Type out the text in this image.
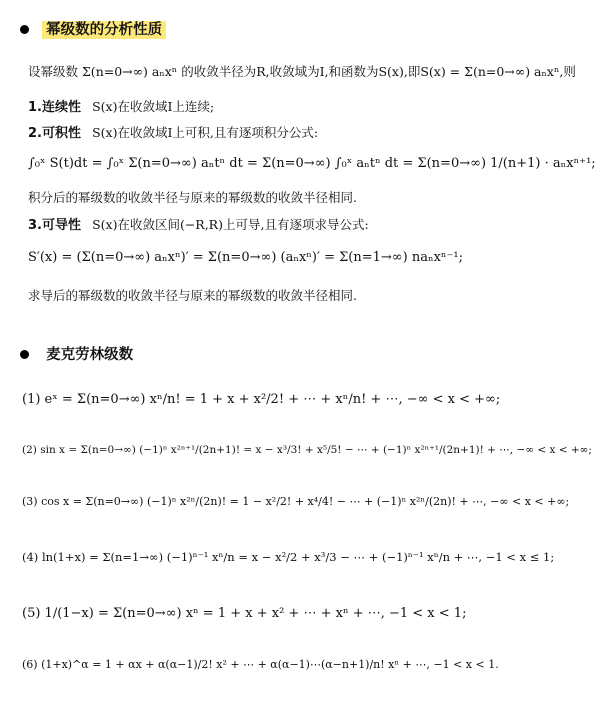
幂级数的分析性质
设幂级数 Σ(n=0→∞) aₙxⁿ 的收敛半径为R,收敛域为I,和函数为S(x),即S(x) = Σ(n=0→∞) aₙxⁿ,则
1.连续性 S(x)在收敛域I上连续;
2.可积性 S(x)在收敛域I上可积,且有逐项积分公式:
∫₀ˣ S(t)dt = ∫₀ˣ Σ(n=0→∞) aₙtⁿ dt = Σ(n=0→∞) ∫₀ˣ aₙtⁿ dt = Σ(n=0→∞) 1/(n+1) · aₙxⁿ⁺¹;
积分后的幂级数的收敛半径与原来的幂级数的收敛半径相同.
3.可导性 S(x)在收敛区间(−R,R)上可导,且有逐项求导公式:
S′(x) = (Σ(n=0→∞) aₙxⁿ)′ = Σ(n=0→∞) (aₙxⁿ)′ = Σ(n=1→∞) naₙxⁿ⁻¹;
求导后的幂级数的收敛半径与原来的幂级数的收敛半径相同.
麦克劳林级数
(1) eˣ = Σ(n=0→∞) xⁿ/n! = 1 + x + x²/2! + ⋯ + xⁿ/n! + ⋯, −∞ < x < +∞;
(2) sin x = Σ(n=0→∞) (−1)ⁿ x²ⁿ⁺¹/(2n+1)! = x − x³/3! + x⁵/5! − ⋯ + (−1)ⁿ x²ⁿ⁺¹/(2n+1)! + ⋯, −∞ < x < +∞;
(3) cos x = Σ(n=0→∞) (−1)ⁿ x²ⁿ/(2n)! = 1 − x²/2! + x⁴/4! − ⋯ + (−1)ⁿ x²ⁿ/(2n)! + ⋯, −∞ < x < +∞;
(4) ln(1+x) = Σ(n=1→∞) (−1)ⁿ⁻¹ xⁿ/n = x − x²/2 + x³/3 − ⋯ + (−1)ⁿ⁻¹ xⁿ/n + ⋯, −1 < x ≤ 1;
(5) 1/(1−x) = Σ(n=0→∞) xⁿ = 1 + x + x² + ⋯ + xⁿ + ⋯, −1 < x < 1;
(6) (1+x)^α = 1 + αx + α(α−1)/2! x² + ⋯ + α(α−1)⋯(α−n+1)/n! xⁿ + ⋯, −1 < x < 1.
